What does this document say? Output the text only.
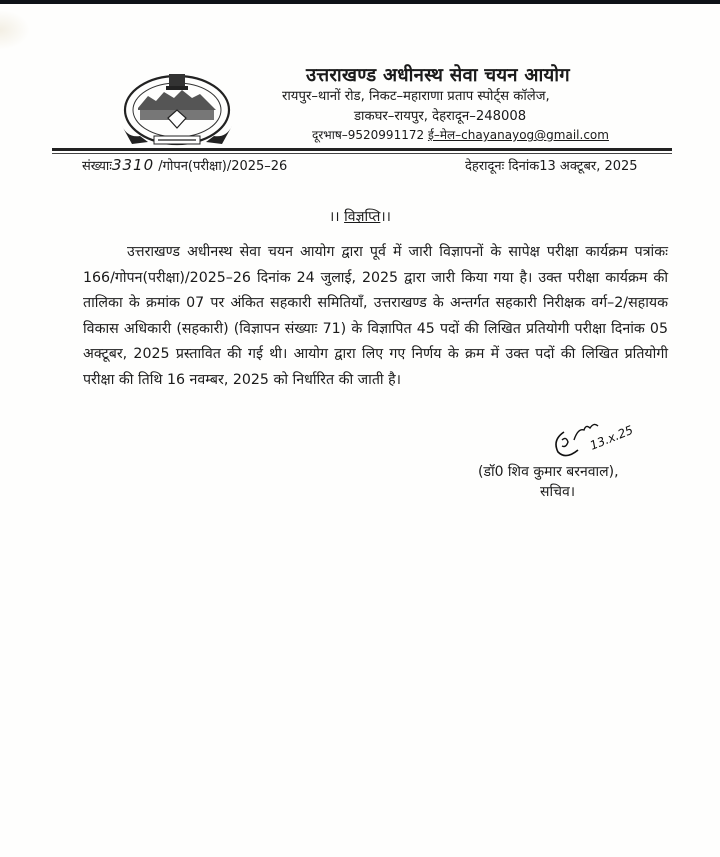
उत्तराखण्ड अधीनस्थ सेवा चयन आयोग
रायपुर–थानों रोड, निकट–महाराणा प्रताप स्पोर्ट्स कॉलेज,
डाकघर–रायपुर, देहरादून–248008
दूरभाष–9520991172 ई–मेल–chayanayog@gmail.com
संख्याः3310 /गोपन(परीक्षा)/2025–26	देहरादूनः दिनांक13 अक्टूबर, 2025
।। विज्ञप्ति।।
उत्तराखण्ड अधीनस्थ सेवा चयन आयोग द्वारा पूर्व में जारी विज्ञापनों के सापेक्ष परीक्षा कार्यक्रम पत्रांकः 166/गोपन(परीक्षा)/2025–26 दिनांक 24 जुलाई, 2025 द्वारा जारी किया गया है। उक्त परीक्षा कार्यक्रम की तालिका के क्रमांक 07 पर अंकित सहकारी समितियाँ, उत्तराखण्ड के अन्तर्गत सहकारी निरीक्षक वर्ग–2/सहायक विकास अधिकारी (सहकारी) (विज्ञापन संख्याः 71) के विज्ञापित 45 पदों की लिखित प्रतियोगी परीक्षा दिनांक 05 अक्टूबर, 2025 प्रस्तावित की गई थी। आयोग द्वारा लिए गए निर्णय के क्रम में उक्त पदों की लिखित प्रतियोगी परीक्षा की तिथि 16 नवम्बर, 2025 को निर्धारित की जाती है।
13.x.25
(डॉ0 शिव कुमार बरनवाल),
सचिव।
